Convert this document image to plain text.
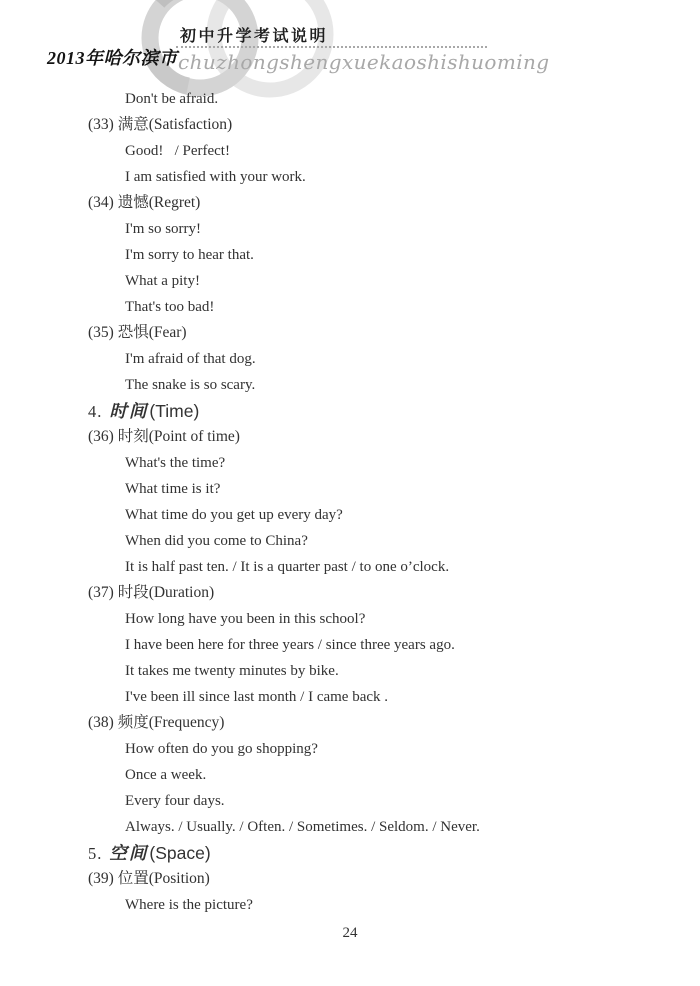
2013年哈尔滨市
初中升学考试说明
chuzhongshengxuekaoshishuoming
Don't be afraid.
(33) 满意(Satisfaction)
Good!   / Perfect!
I am satisfied with your work.
(34) 遗憾(Regret)
I'm so sorry!
I'm sorry to hear that.
What a pity!
That's too bad!
(35) 恐惧(Fear)
I'm afraid of that dog.
The snake is so scary.
4. 时间(Time)
(36) 时刻(Point of time)
What's the time?
What time is it?
What time do you get up every day?
When did you come to China?
It is half past ten. / It is a quarter past / to one o’clock.
(37) 时段(Duration)
How long have you been in this school?
I have been here for three years / since three years ago.
It takes me twenty minutes by bike.
I've been ill since last month / I came back .
(38) 频度(Frequency)
How often do you go shopping?
Once a week.
Every four days.
Always. / Usually. / Often. / Sometimes. / Seldom. / Never.
5. 空间(Space)
(39) 位置(Position)
Where is the picture?
24
